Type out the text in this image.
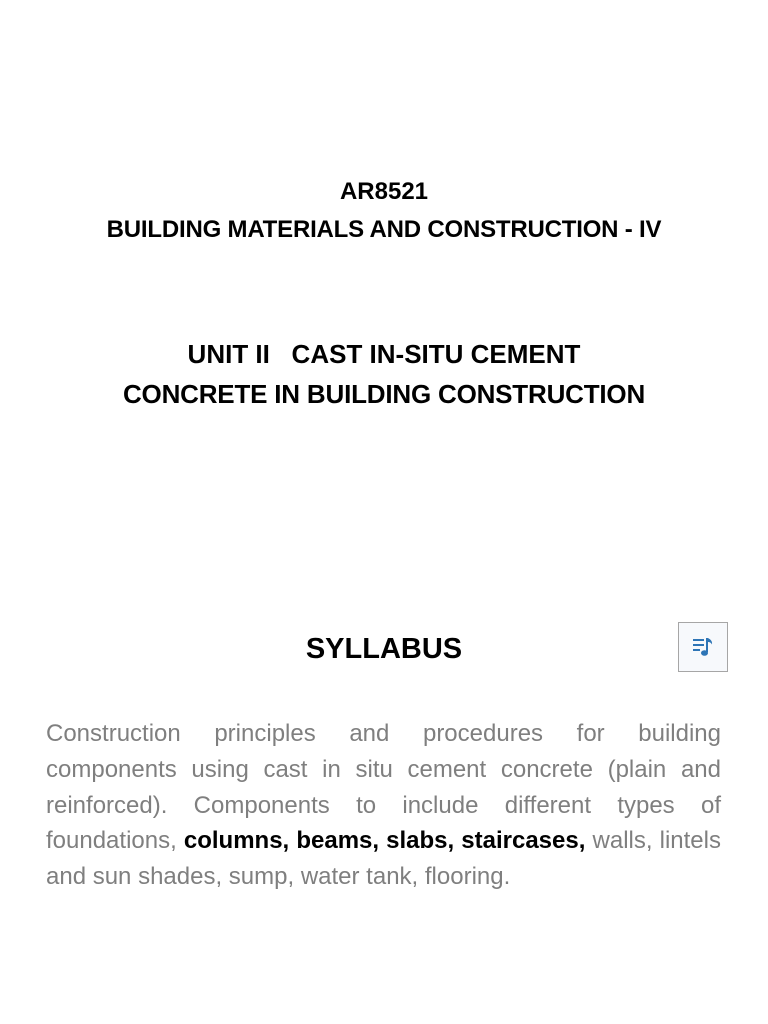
AR8521
BUILDING MATERIALS AND CONSTRUCTION - IV
UNIT II   CAST IN-SITU CEMENT
CONCRETE IN BUILDING CONSTRUCTION
SYLLABUS
Construction principles and procedures for building components using cast in situ cement concrete (plain and reinforced). Components to include different types of foundations, columns, beams, slabs, staircases, walls, lintels and sun shades, sump, water tank, flooring.
